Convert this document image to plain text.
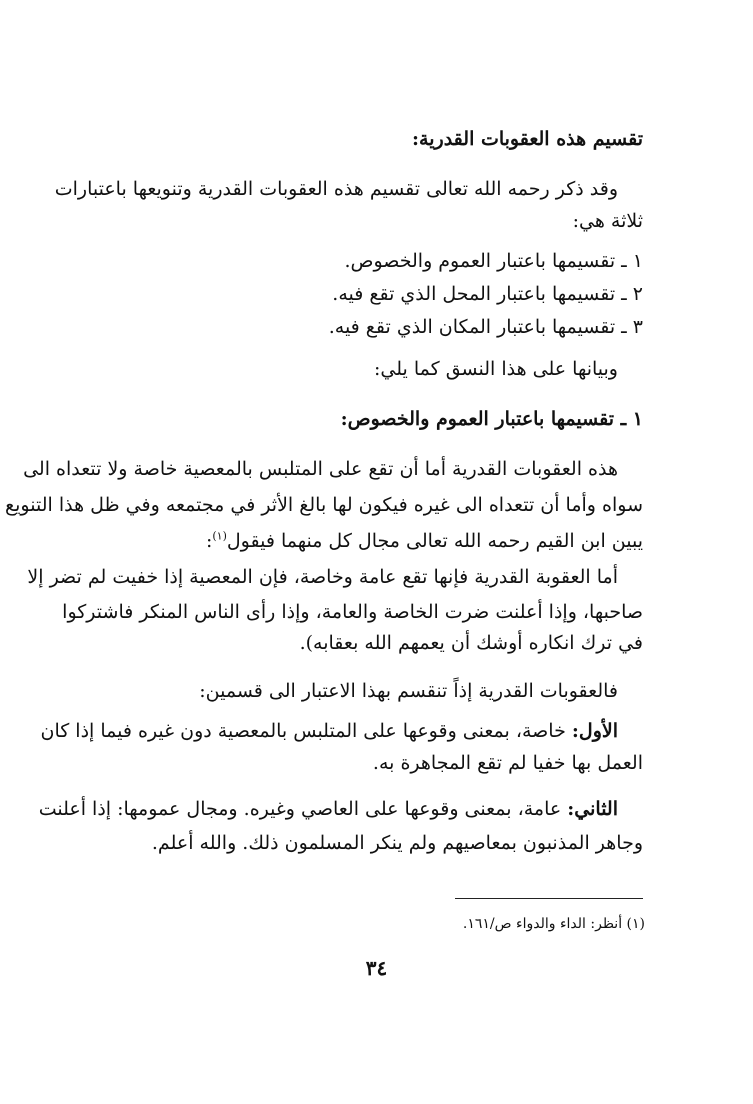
تقسيم هذه العقوبات القدرية:
وقد ذكر رحمه الله تعالى تقسيم هذه العقوبات القدرية وتنويعها باعتبارات
ثلاثة هي:
١ ـ تقسيمها باعتبار العموم والخصوص.
٢ ـ تقسيمها باعتبار المحل الذي تقع فيه.
٣ ـ تقسيمها باعتبار المكان الذي تقع فيه.
وبيانها على هذا النسق كما يلي:
١ ـ تقسيمها باعتبار العموم والخصوص:
هذه العقوبات القدرية أما أن تقع على المتلبس بالمعصية خاصة ولا تتعداه الى
سواه وأما أن تتعداه الى غيره فيكون لها بالغ الأثر في مجتمعه وفي ظل هذا التنويع
يبين ابن القيم رحمه الله تعالى مجال كل منهما فيقول$^{(١)}$:
أما العقوبة القدرية فإنها تقع عامة وخاصة، فإن المعصية إذا خفيت لم تضر إلا
صاحبها، وإذا أعلنت ضرت الخاصة والعامة، وإذا رأى الناس المنكر فاشتركوا
في ترك انكاره أوشك أن يعمهم الله بعقابه).
فالعقوبات القدرية إذاً تنقسم بهذا الاعتبار الى قسمين:
الأول: خاصة، بمعنى وقوعها على المتلبس بالمعصية دون غيره فيما إذا كان
العمل بها خفيا لم تقع المجاهرة به.
الثاني: عامة، بمعنى وقوعها على العاصي وغيره. ومجال عمومها: إذا أعلنت
وجاهر المذنبون بمعاصيهم ولم ينكر المسلمون ذلك. والله أعلم.
(١) أنظر: الداء والدواء ص/١٦١.
٣٤
